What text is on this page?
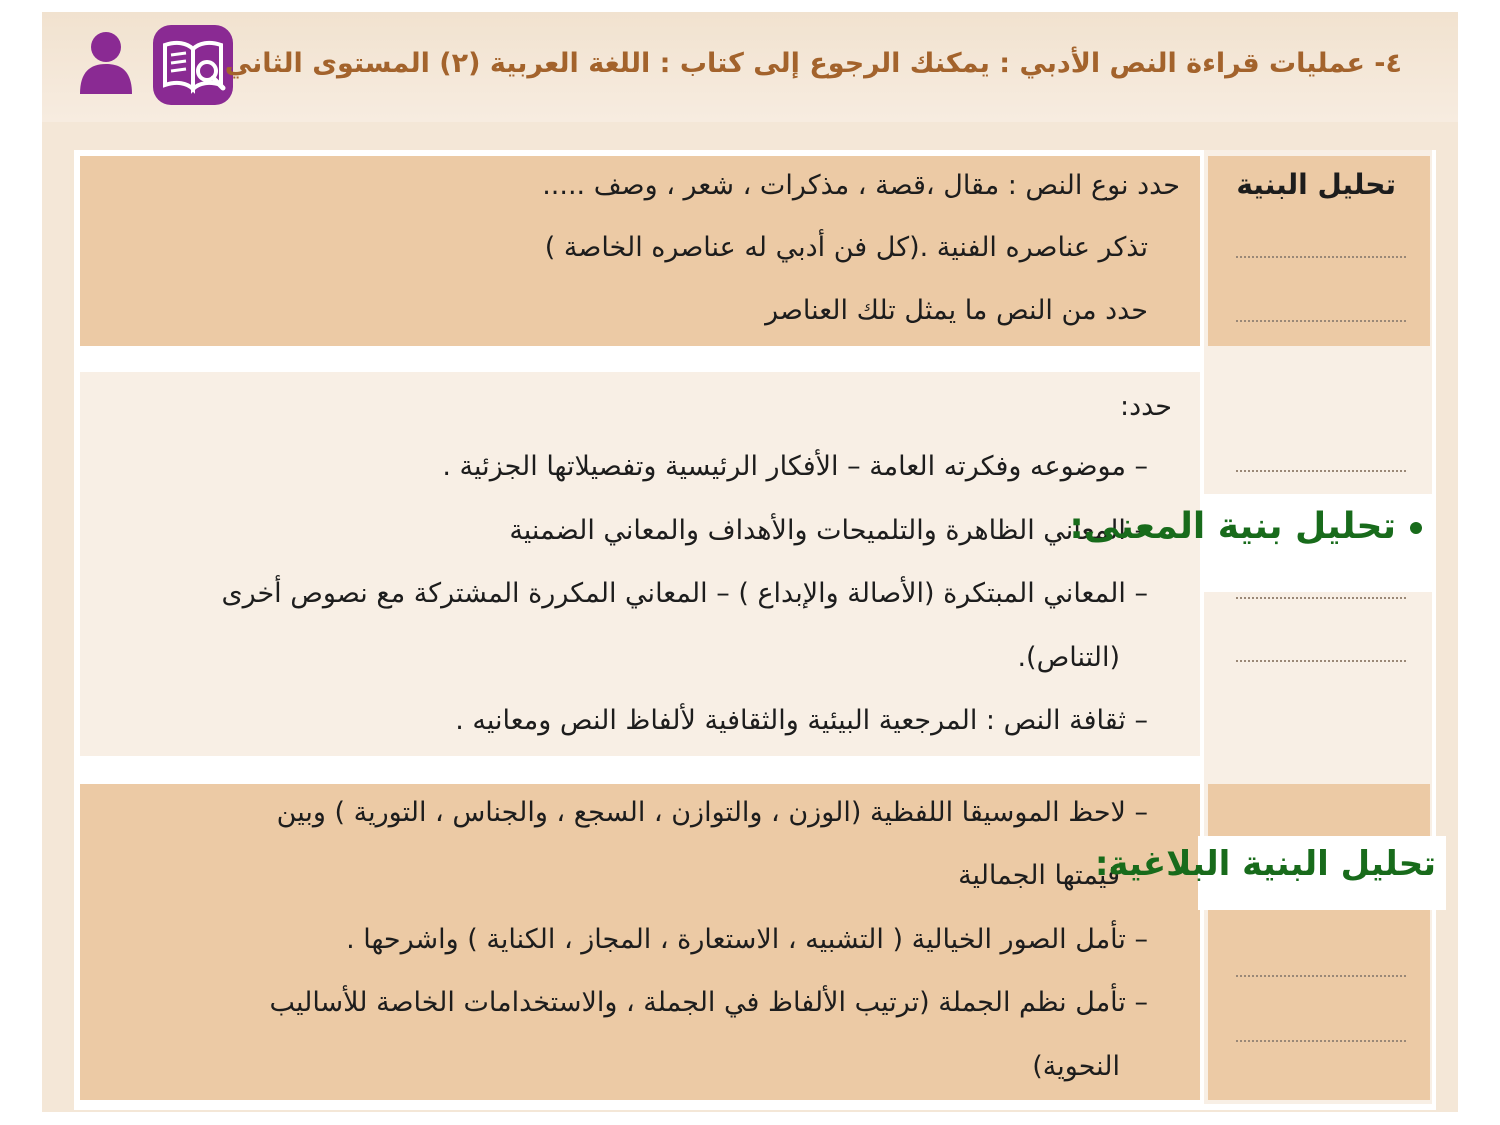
٤- عمليات قراءة النص الأدبي : يمكنك الرجوع إلى كتاب : اللغة العربية (٢) المستوى الثاني
تحليل البنية
حدد نوع النص : مقال ،قصة ، مذكرات ، شعر ، وصف .....
تذكر عناصره الفنية .(كل فن أدبي له عناصره الخاصة )
حدد من النص ما يمثل تلك العناصر
حدد:
– موضوعه وفكرته العامة – الأفكار الرئيسية وتفصيلاتها الجزئية .
– المعاني الظاهرة والتلميحات والأهداف والمعاني الضمنية
– المعاني المبتكرة (الأصالة والإبداع ) – المعاني المكررة المشتركة مع نصوص أخرى
(التناص).
– ثقافة النص : المرجعية البيئية والثقافية لألفاظ النص ومعانيه .
– لاحظ الموسيقا اللفظية (الوزن ، والتوازن ، السجع ، والجناس ، التورية ) وبين
قيمتها الجمالية
– تأمل الصور الخيالية ( التشبيه ، الاستعارة ، المجاز ، الكناية ) واشرحها .
– تأمل نظم الجملة (ترتيب الألفاظ في الجملة ، والاستخدامات الخاصة للأساليب
النحوية)
تحليل بنية المعنى:
تحليل البنية البلاغية:
